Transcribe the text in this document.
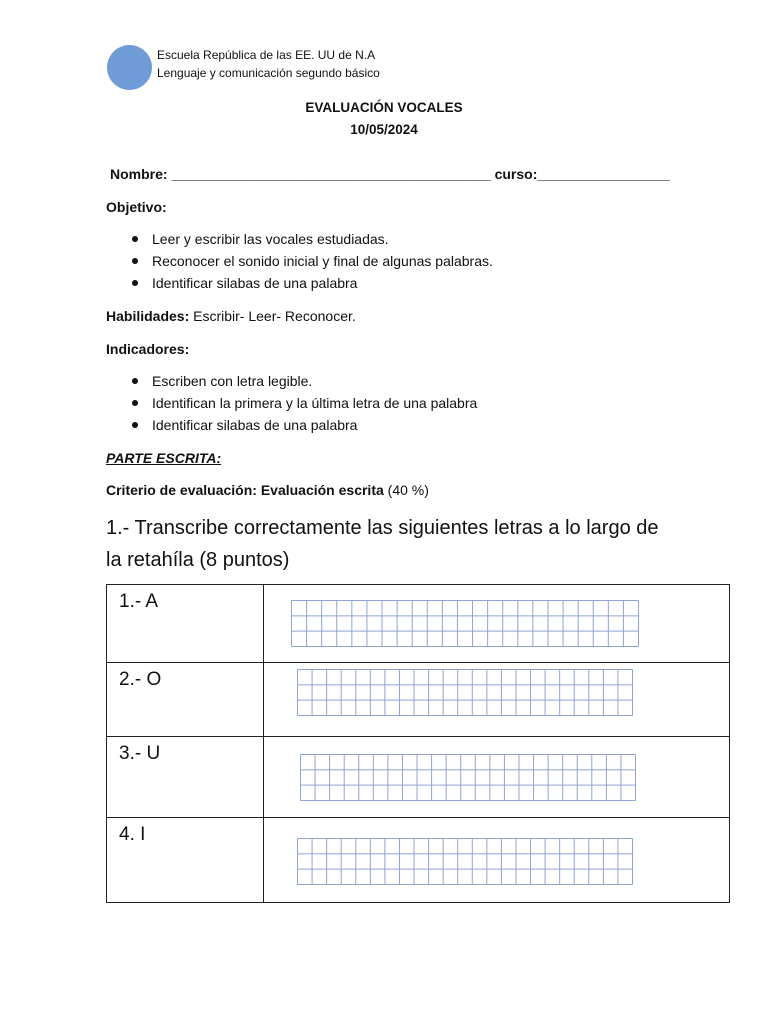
Escuela República de las EE. UU de N.A
Lenguaje y comunicación segundo básico
EVALUACIÓN VOCALES
10/05/2024
Nombre: _________________________________________ curso:_________________
Objetivo:
Leer y escribir las vocales estudiadas.
Reconocer el sonido inicial y final de algunas palabras.
Identificar silabas de una palabra
Habilidades: Escribir- Leer- Reconocer.
Indicadores:
Escriben con letra legible.
Identifican la primera y la última letra de una palabra
Identificar silabas de una palabra
PARTE ESCRITA:
Criterio de evaluación: Evaluación escrita (40 %)
1.- Transcribe correctamente las siguientes letras a lo largo de la retahíla (8 puntos)
1.- A	

2.- O	

3.- U	

4. I	
